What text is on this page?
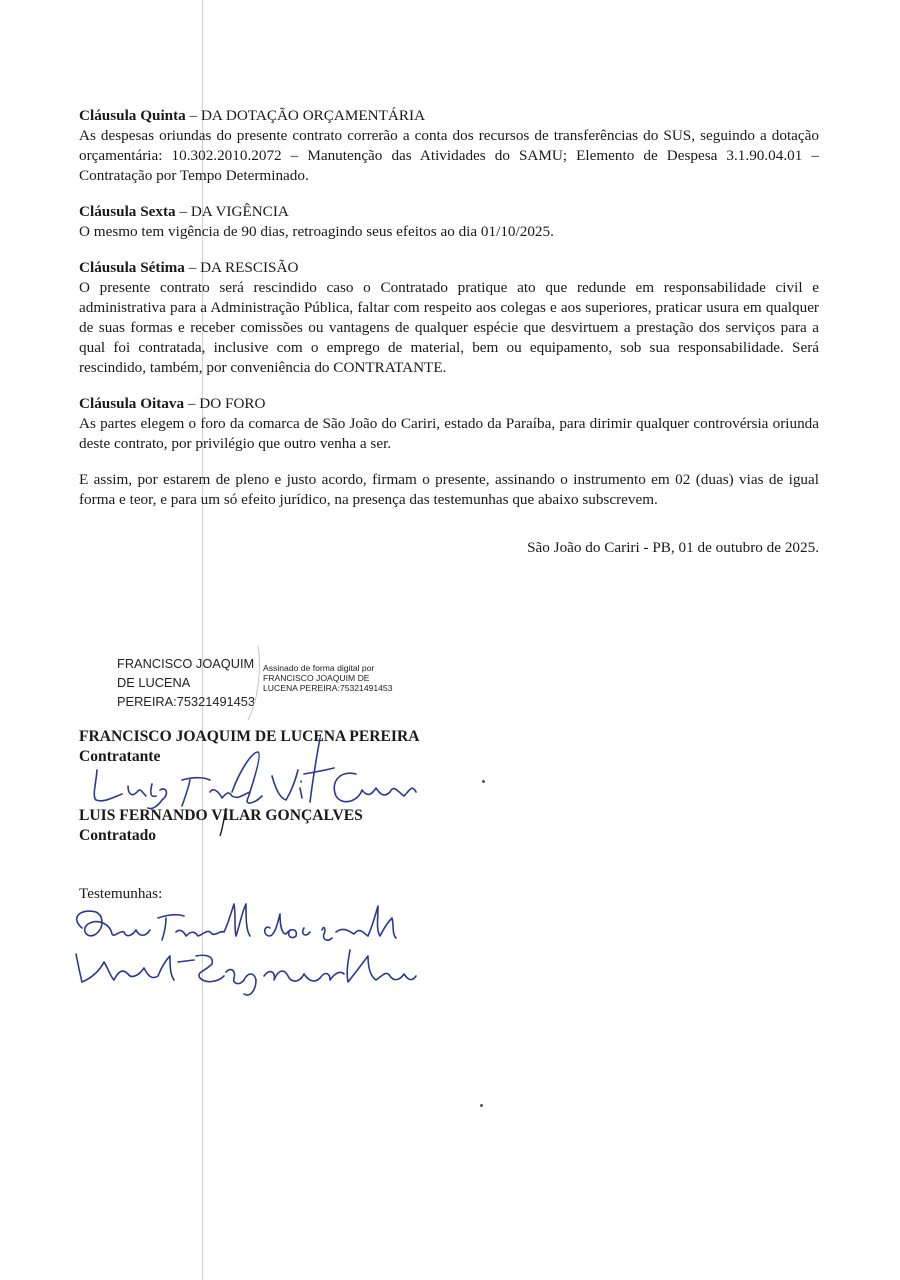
Cláusula Quinta – DA DOTAÇÃO ORÇAMENTÁRIA

As despesas oriundas do presente contrato correrão a conta dos recursos de transferências do SUS, seguindo a dotação orçamentária: 10.302.2010.2072 – Manutenção das Atividades do SAMU; Elemento de Despesa 3.1.90.04.01 – Contratação por Tempo Determinado.

Cláusula Sexta – DA VIGÊNCIA

O mesmo tem vigência de 90 dias, retroagindo seus efeitos ao dia 01/10/2025.

Cláusula Sétima – DA RESCISÃO

O presente contrato será rescindido caso o Contratado pratique ato que redunde em responsabilidade civil e administrativa para a Administração Pública, faltar com respeito aos colegas e aos superiores, praticar usura em qualquer de suas formas e receber comissões ou vantagens de qualquer espécie que desvirtuem a prestação dos serviços para a qual foi contratada, inclusive com o emprego de material, bem ou equipamento, sob sua responsabilidade. Será rescindido, também, por conveniência do CONTRATANTE.

Cláusula Oitava – DO FORO

As partes elegem o foro da comarca de São João do Cariri, estado da Paraíba, para dirimir qualquer controvérsia oriunda deste contrato, por privilégio que outro venha a ser.

E assim, por estarem de pleno e justo acordo, firmam o presente, assinando o instrumento em 02 (duas) vias de igual forma e teor, e para um só efeito jurídico, na presença das testemunhas que abaixo subscrevem.

São João do Cariri - PB, 01 de outubro de 2025.

FRANCISCO JOAQUIM
DE LUCENA
PEREIRA:75321491453
Assinado de forma digital por
FRANCISCO JOAQUIM DE
LUCENA PEREIRA:75321491453
FRANCISCO JOAQUIM DE LUCENA PEREIRA
Contratante
LUIS FERNANDO VILAR GONÇALVES
Contratado
Testemunhas:
